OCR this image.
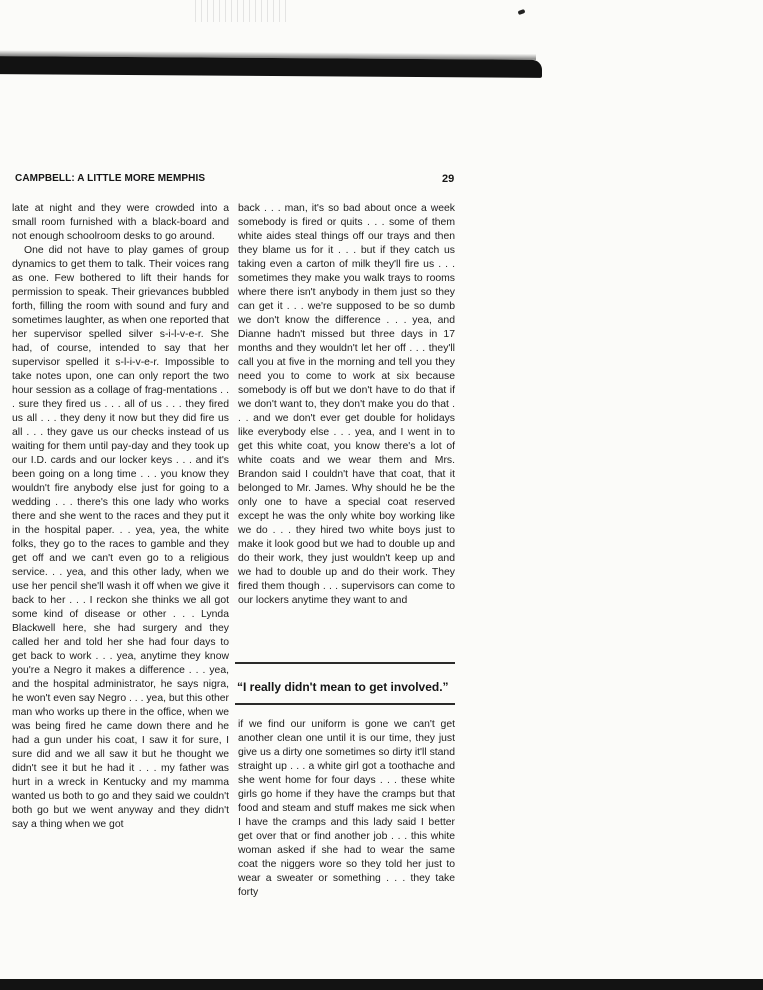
CAMPBELL: A LITTLE MORE MEMPHIS	29

late at night and they were crowded into a small room furnished with a black-board and not enough schoolroom desks to go around.

One did not have to play games of group dynamics to get them to talk. Their voices rang as one. Few bothered to lift their hands for permission to speak. Their grievances bubbled forth, filling the room with sound and fury and sometimes laughter, as when one reported that her supervisor spelled silver s-i-l-v-e-r. She had, of course, intended to say that her supervisor spelled it s-l-i-v-e-r. Impossible to take notes upon, one can only report the two hour session as a collage of frag-mentations . . . sure they fired us . . . all of us . . . they fired us all . . . they deny it now but they did fire us all . . . they gave us our checks instead of us waiting for them until pay-day and they took up our I.D. cards and our locker keys . . . and it's been going on a long time . . . you know they wouldn't fire anybody else just for going to a wedding . . . there's this one lady who works there and she went to the races and they put it in the hospital paper. . . yea, yea, the white folks, they go to the races to gamble and they get off and we can't even go to a religious service. . . yea, and this other lady, when we use her pencil she'll wash it off when we give it back to her . . . I reckon she thinks we all got some kind of disease or other . . . Lynda Blackwell here, she had surgery and they called her and told her she had four days to get back to work . . . yea, anytime they know you're a Negro it makes a difference . . . yea, and the hospital administrator, he says nigra, he won't even say Negro . . . yea, but this other man who works up there in the office, when we was being fired he came down there and he had a gun under his coat, I saw it for sure, I sure did and we all saw it but he thought we didn't see it but he had it . . . my father was hurt in a wreck in Kentucky and my mamma wanted us both to go and they said we couldn't both go but we went anyway and they didn't say a thing when we got

back . . . man, it's so bad about once a week somebody is fired or quits . . . some of them white aides steal things off our trays and then they blame us for it . . . but if they catch us taking even a carton of milk they'll fire us . . . sometimes they make you walk trays to rooms where there isn't anybody in them just so they can get it . . . we're supposed to be so dumb we don't know the difference . . . yea, and Dianne hadn't missed but three days in 17 months and they wouldn't let her off . . . they'll call you at five in the morning and tell you they need you to come to work at six because somebody is off but we don't have to do that if we don't want to, they don't make you do that . . . and we don't ever get double for holidays like everybody else . . . yea, and I went in to get this white coat, you know there's a lot of white coats and we wear them and Mrs. Brandon said I couldn't have that coat, that it belonged to Mr. James. Why should he be the only one to have a special coat reserved except he was the only white boy working like we do . . . they hired two white boys just to make it look good but we had to double up and do their work, they just wouldn't keep up and we had to double up and do their work. They fired them though . . . supervisors can come to our lockers anytime they want to and

“I really didn't mean to get involved.”

if we find our uniform is gone we can't get another clean one until it is our time, they just give us a dirty one sometimes so dirty it'll stand straight up . . . a white girl got a toothache and she went home for four days . . . these white girls go home if they have the cramps but that food and steam and stuff makes me sick when I have the cramps and this lady said I better get over that or find another job . . . this white woman asked if she had to wear the same coat the niggers wore so they told her just to wear a sweater or something . . . they take forty
